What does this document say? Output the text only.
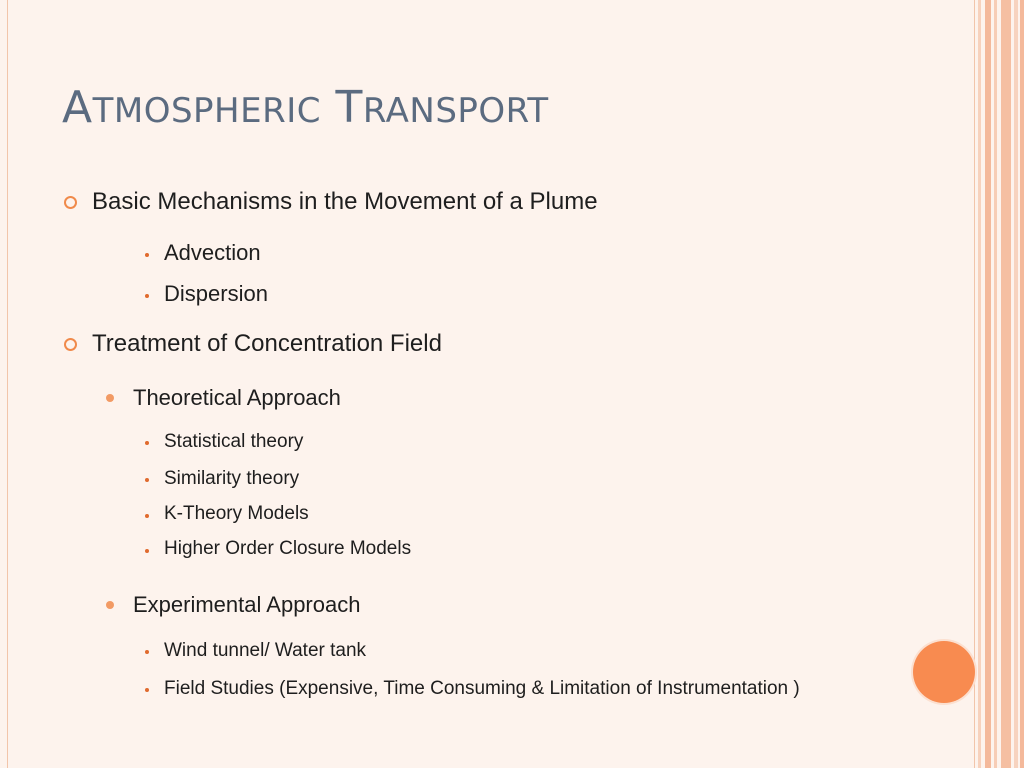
ATMOSPHERIC TRANSPORT
Basic Mechanisms in the Movement of a Plume
Advection
Dispersion
Treatment of Concentration Field
Theoretical Approach
Statistical theory
Similarity theory
K-Theory Models
Higher Order Closure Models
Experimental Approach
Wind tunnel/ Water tank
Field Studies (Expensive, Time Consuming & Limitation of Instrumentation )
